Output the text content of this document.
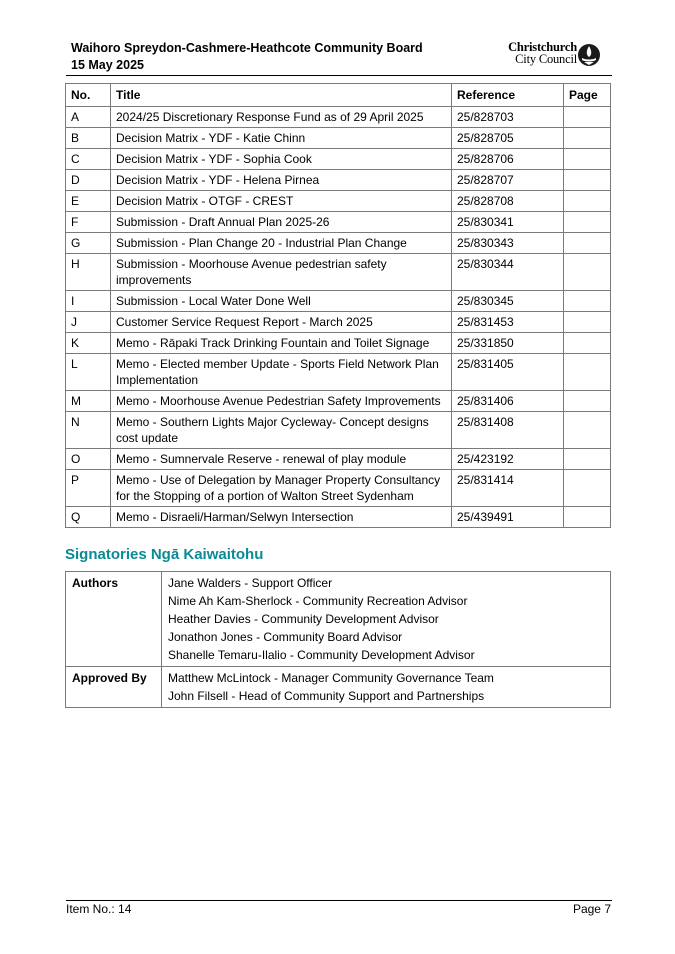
Waihoro Spreydon-Cashmere-Heathcote Community Board
15 May 2025
Christchurch
City Council
No.	Title	Reference	Page
A	2024/25 Discretionary Response Fund as of 29 April 2025	25/828703	
B	Decision Matrix - YDF - Katie Chinn	25/828705	
C	Decision Matrix - YDF - Sophia Cook	25/828706	
D	Decision Matrix - YDF - Helena Pirnea	25/828707	
E	Decision Matrix - OTGF - CREST	25/828708	
F	Submission - Draft Annual Plan 2025-26	25/830341	
G	Submission - Plan Change 20 - Industrial Plan Change	25/830343	
H	Submission - Moorhouse Avenue pedestrian safety improvements	25/830344	
I	Submission - Local Water Done Well	25/830345	
J	Customer Service Request Report - March 2025	25/831453	
K	Memo - Rāpaki Track Drinking Fountain and Toilet Signage	25/331850	
L	Memo - Elected member Update - Sports Field Network Plan Implementation	25/831405	
M	Memo - Moorhouse Avenue Pedestrian Safety Improvements	25/831406	
N	Memo - Southern Lights Major Cycleway- Concept designs cost update	25/831408	
O	Memo - Sumnervale Reserve - renewal of play module	25/423192	
P	Memo - Use of Delegation by Manager Property Consultancy for the Stopping of a portion of Walton Street Sydenham	25/831414	
Q	Memo - Disraeli/Harman/Selwyn Intersection	25/439491	
Signatories Ngā Kaiwaitohu
Authors	Jane Walders - Support Officer
Nime Ah Kam-Sherlock - Community Recreation Advisor
Heather Davies - Community Development Advisor
Jonathon Jones - Community Board Advisor
Shanelle Temaru-Ilalio - Community Development Advisor

Approved By	Matthew McLintock - Manager Community Governance Team
John Filsell - Head of Community Support and Partnerships
Item No.: 14	Page 7
